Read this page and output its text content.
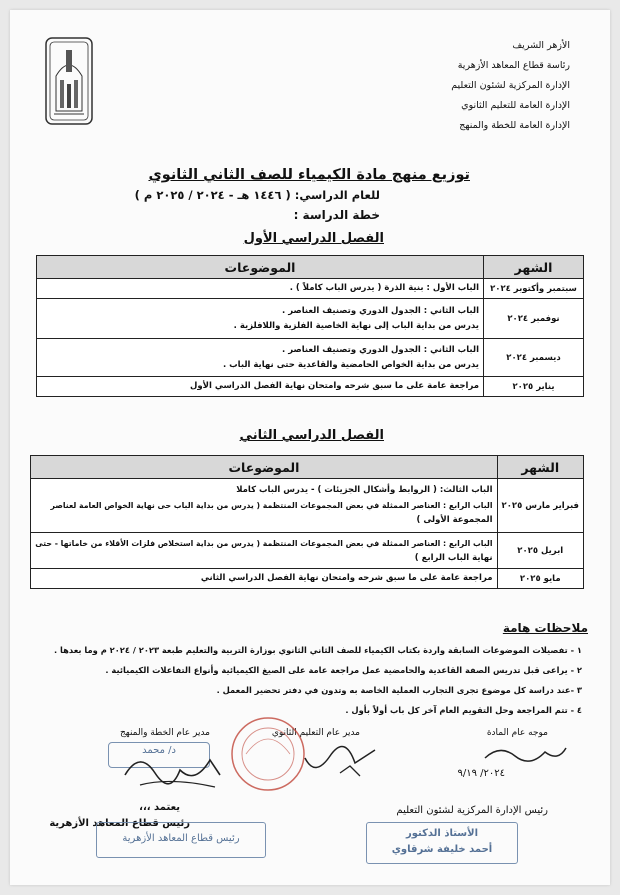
الأزهر الشريف
رئاسة قطاع المعاهد الأزهرية
الإدارة المركزية لشئون التعليم
الإدارة العامة للتعليم الثانوي
الإدارة العامة للخطة والمنهج
توزيع منهج مادة الكيمياء للصف الثاني الثانوي
للعام الدراسي: ( ١٤٤٦ هـ - ٢٠٢٤ / ٢٠٢٥ م )
خطة الدراسة :
الفصل الدراسي الأول
الشهر	الموضوعات
سبتمبر وأكتوبر ٢٠٢٤	الباب الأول : بنية الذرة ( يدرس الباب كاملاً ) .

نوفمبر ٢٠٢٤	الباب الثاني : الجدول الدوري وتصنيف العناصر .
يدرس من بداية الباب إلى نهاية الخاصية الفلزية واللافلزية .

ديسمبر ٢٠٢٤	الباب الثاني : الجدول الدوري وتصنيف العناصر .
يدرس من بداية الخواص الحامضية والقاعدية حتى نهاية الباب .

يناير ٢٠٢٥	مراجعة عامة على ما سبق شرحه وامتحان نهاية الفصل الدراسي الأول
الفصل الدراسي الثاني
الشهر	الموضوعات
فبراير مارس ٢٠٢٥	الباب الثالث: ( الروابط وأشكال الجزيئات ) - يدرس الباب كاملا
الباب الرابع : العناصر الممثلة في بعض المجموعات المنتظمة ( يدرس من بداية الباب حى نهاية الخواص العامة لعناصر
المجموعة الأولى )

ابريل ٢٠٢٥	الباب الرابع : العناصر الممثلة في بعض المجموعات المنتظمة ( يدرس من بداية استخلاص فلزات الأقلاء من خاماتها - حتى
نهاية الباب الرابع )

مايو ٢٠٢٥	مراجعة عامة على ما سبق شرحه وامتحان نهاية الفصل الدراسي الثاني
ملاحظات هامة
١ - تفصيلات الموضوعات السابقة واردة بكتاب الكيمياء للصف الثاني الثانوي بوزارة التربية والتعليم طبعة ٢٠٢٣ / ٢٠٢٤ م وما بعدها .
٢ - يراعى قبل تدريس الصفة القاعدية والحامضية عمل مراجعة عامة على الصيغ الكيميائية وأنواع التفاعلات الكيميائية .
٣ -عند دراسة كل موضوع تجرى التجارب العملية الخاصة به وتدون في دفتر تحضير المعمل .
٤ - تتم المراجعة وحل التقويم العام آخر كل باب أولاً بأول .
موجه عام المادة
مدير عام التعليم الثانوي
مدير عام الخطة والمنهج
د/ محمد
٢٠٢٤/ ٩/١٩
رئيس الإدارة المركزية لشئون التعليم
يعتمد ،،،
رئيس قطاع المعاهد الأزهرية
رئيس قطاع المعاهد الأزهرية	الأستاذ الدكتور
أحمد خليفة شرقاوي
